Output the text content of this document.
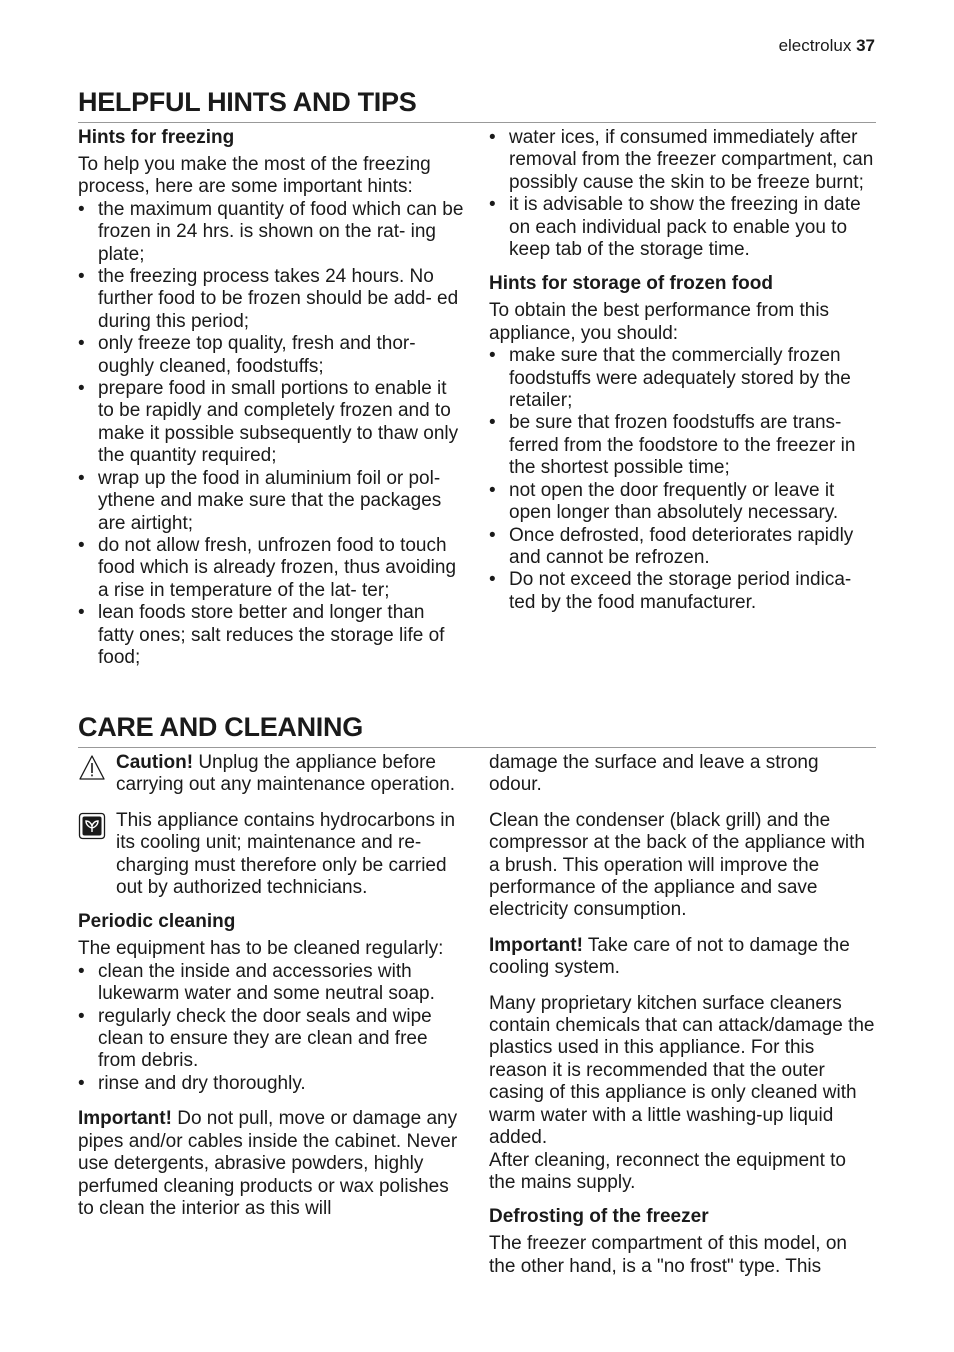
electrolux 37
HELPFUL HINTS AND TIPS
Hints for freezing

To help you make the most of the freezing process, here are some important hints:

• the maximum quantity of food which can be frozen in 24 hrs. is shown on the rat- ing plate;
• the freezing process takes 24 hours. No further food to be frozen should be add- ed during this period;
• only freeze top quality, fresh and thor- oughly cleaned, foodstuffs;
• prepare food in small portions to enable it to be rapidly and completely frozen and to make it possible subsequently to thaw only the quantity required;
• wrap up the food in aluminium foil or pol- ythene and make sure that the packages are airtight;
• do not allow fresh, unfrozen food to touch food which is already frozen, thus avoiding a rise in temperature of the lat- ter;
• lean foods store better and longer than fatty ones; salt reduces the storage life of food;
• water ices, if consumed immediately after removal from the freezer compartment, can possibly cause the skin to be freeze burnt;
• it is advisable to show the freezing in date on each individual pack to enable you to keep tab of the storage time.
Hints for storage of frozen food

To obtain the best performance from this appliance, you should:

• make sure that the commercially frozen foodstuffs were adequately stored by the retailer;
• be sure that frozen foodstuffs are trans- ferred from the foodstore to the freezer in the shortest possible time;
• not open the door frequently or leave it open longer than absolutely necessary.
• Once defrosted, food deteriorates rapidly and cannot be refrozen.
• Do not exceed the storage period indica- ted by the food manufacturer.
CARE AND CLEANING

Caution! Unplug the appliance before carrying out any maintenance operation.

This appliance contains hydrocarbons in its cooling unit; maintenance and re- charging must therefore only be carried out by authorized technicians.

Periodic cleaning

The equipment has to be cleaned regularly:

• clean the inside and accessories with lukewarm water and some neutral soap.
• regularly check the door seals and wipe clean to ensure they are clean and free from debris.
• rinse and dry thoroughly.

Important! Do not pull, move or damage any pipes and/or cables inside the cabinet. Never use detergents, abrasive powders, highly perfumed cleaning products or wax polishes to clean the interior as this will

damage the surface and leave a strong odour.

Clean the condenser (black grill) and the compressor at the back of the appliance with a brush. This operation will improve the performance of the appliance and save electricity consumption.

Important! Take care of not to damage the cooling system.

Many proprietary kitchen surface cleaners contain chemicals that can attack/damage the plastics used in this appliance. For this reason it is recommended that the outer casing of this appliance is only cleaned with warm water with a little washing-up liquid added.

After cleaning, reconnect the equipment to the mains supply.

Defrosting of the freezer

The freezer compartment of this model, on the other hand, is a "no frost" type. This
